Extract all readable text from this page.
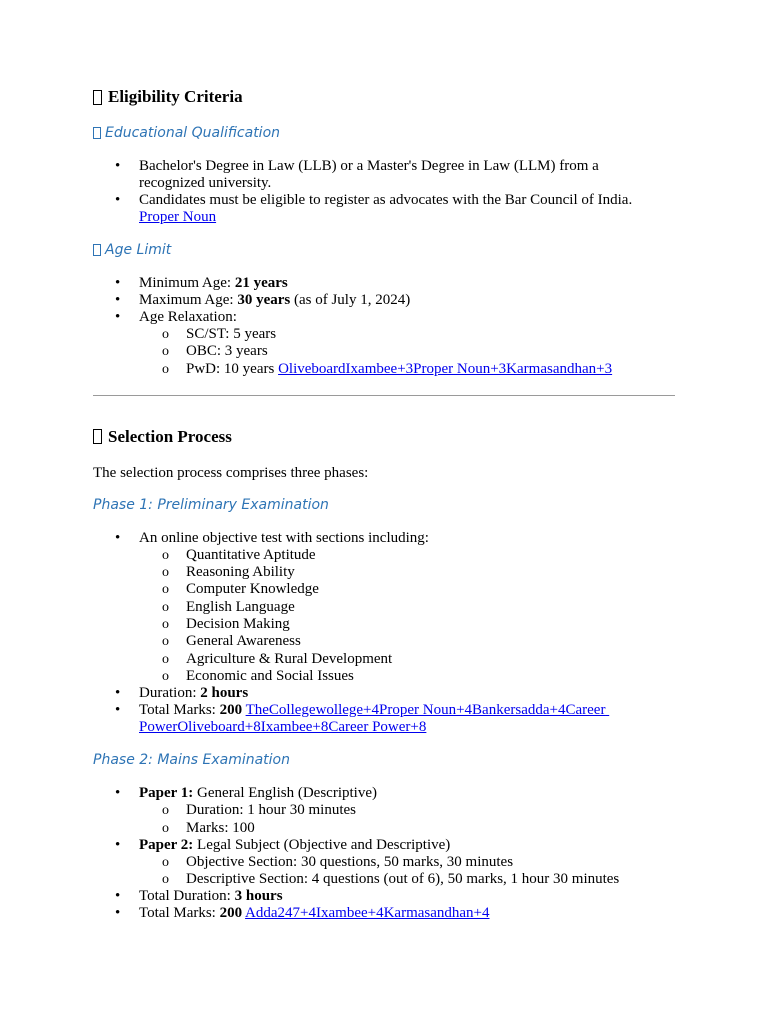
Eligibility Criteria
Educational Qualification
• Bachelor's Degree in Law (LLB) or a Master's Degree in Law (LLM) from a recognized university.
• Candidates must be eligible to register as advocates with the Bar Council of India.
Proper Noun
Age Limit
• Minimum Age: 21 years
• Maximum Age: 30 years (as of July 1, 2024)
• Age Relaxation:
o SC/ST: 5 years
o OBC: 3 years
o PwD: 10 years OliveboardIxambee+3Proper Noun+3Karmasandhan+3
Selection Process

The selection process comprises three phases:

Phase 1: Preliminary Examination
• An online objective test with sections including:
o Quantitative Aptitude
o Reasoning Ability
o Computer Knowledge
o English Language
o Decision Making
o General Awareness
o Agriculture & Rural Development
o Economic and Social Issues
• Duration: 2 hours
• Total Marks: 200 TheCollegewollege+4Proper Noun+4Bankersadda+4Career
PowerOliveboard+8Ixambee+8Career Power+8
Phase 2: Mains Examination
• Paper 1: General English (Descriptive)
o Duration: 1 hour 30 minutes
o Marks: 100
• Paper 2: Legal Subject (Objective and Descriptive)
o Objective Section: 30 questions, 50 marks, 30 minutes
o Descriptive Section: 4 questions (out of 6), 50 marks, 1 hour 30 minutes
• Total Duration: 3 hours
• Total Marks: 200 Adda247+4Ixambee+4Karmasandhan+4
